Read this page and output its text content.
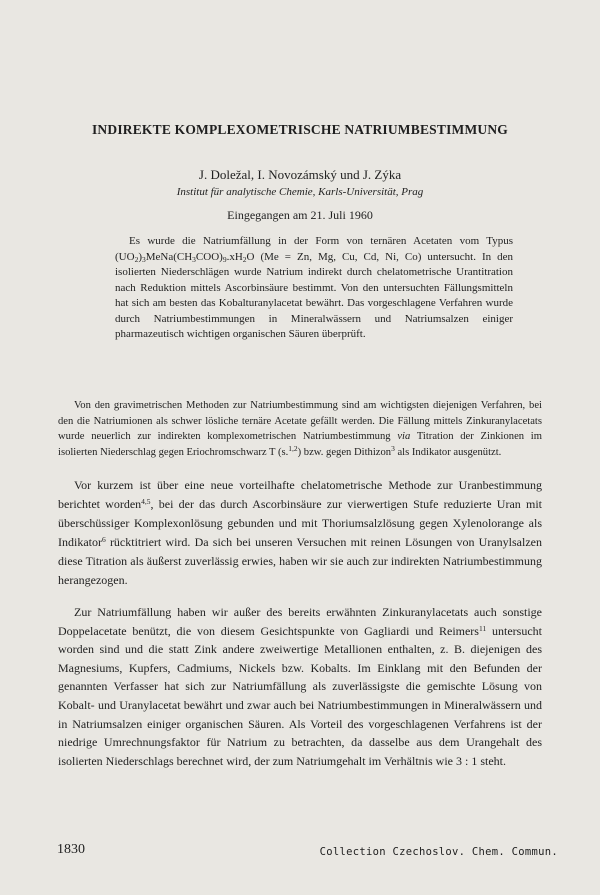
INDIREKTE KOMPLEXOMETRISCHE NATRIUMBESTIMMUNG
J. Doležal, I. Novozámský und J. Zýka
Institut für analytische Chemie, Karls-Universität, Prag
Eingegangen am 21. Juli 1960

Es wurde die Natriumfällung in der Form von ternären Acetaten vom Typus $(UO_2)_3MeNa(CH_3COO)_9.xH_2O$ (Me = Zn, Mg, Cu, Cd, Ni, Co) untersucht. In den isolierten Niederschlägen wurde Natrium indirekt durch chelatometrische Urantitration nach Reduktion mittels Ascorbinsäure bestimmt. Von den untersuchten Fällungsmitteln hat sich am besten das Kobalturanylacetat bewährt. Das vorgeschlagene Verfahren wurde durch Natriumbestimmungen in Mineralwässern und Natriumsalzen einiger pharmazeutisch wichtigen organischen Säuren überprüft.

Von den gravimetrischen Methoden zur Natriumbestimmung sind am wichtigsten diejenigen Verfahren, bei den die Natriumionen als schwer lösliche ternäre Acetate gefällt werden. Die Fällung mittels Zinkuranylacetats wurde neuerlich zur indirekten komplexometrischen Natriumbestimmung via Titration der Zinkionen im isolierten Niederschlag gegen Eriochromschwarz T (s.$^{1,2}$) bzw. gegen Dithizon$^3$ als Indikator ausgenützt.

Vor kurzem ist über eine neue vorteilhafte chelatometrische Methode zur Uranbestimmung berichtet worden$^{4,5}$, bei der das durch Ascorbinsäure zur vierwertigen Stufe reduzierte Uran mit überschüssiger Komplexonlösung gebunden und mit Thoriumsalzlösung gegen Xylenolorange als Indikator$^6$ rücktitriert wird. Da sich bei unseren Versuchen mit reinen Lösungen von Uranylsalzen diese Titration als äußerst zuverlässig erwies, haben wir sie auch zur indirekten Natriumbestimmung herangezogen.

Zur Natriumfällung haben wir außer des bereits erwähnten Zinkuranylacetats auch sonstige Doppelacetate benützt, die von diesem Gesichtspunkte von Gagliardi und Reimers$^{11}$ untersucht worden sind und die statt Zink andere zweiwertige Metallionen enthalten, z. B. diejenigen des Magnesiums, Kupfers, Cadmiums, Nickels bzw. Kobalts. Im Einklang mit den Befunden der genannten Verfasser hat sich zur Natriumfällung als zuverlässigste die gemischte Lösung von Kobalt- und Uranylacetat bewährt und zwar auch bei Natriumbestimmungen in Mineralwässern und in Natriumsalzen einiger organischen Säuren. Als Vorteil des vorgeschlagenen Verfahrens ist der niedrige Umrechnungsfaktor für Natrium zu betrachten, da dasselbe aus dem Urangehalt des isolierten Niederschlags berechnet wird, der zum Natriumgehalt im Verhältnis wie 3 : 1 steht.

1830	Collection Czechoslov. Chem. Commun.
